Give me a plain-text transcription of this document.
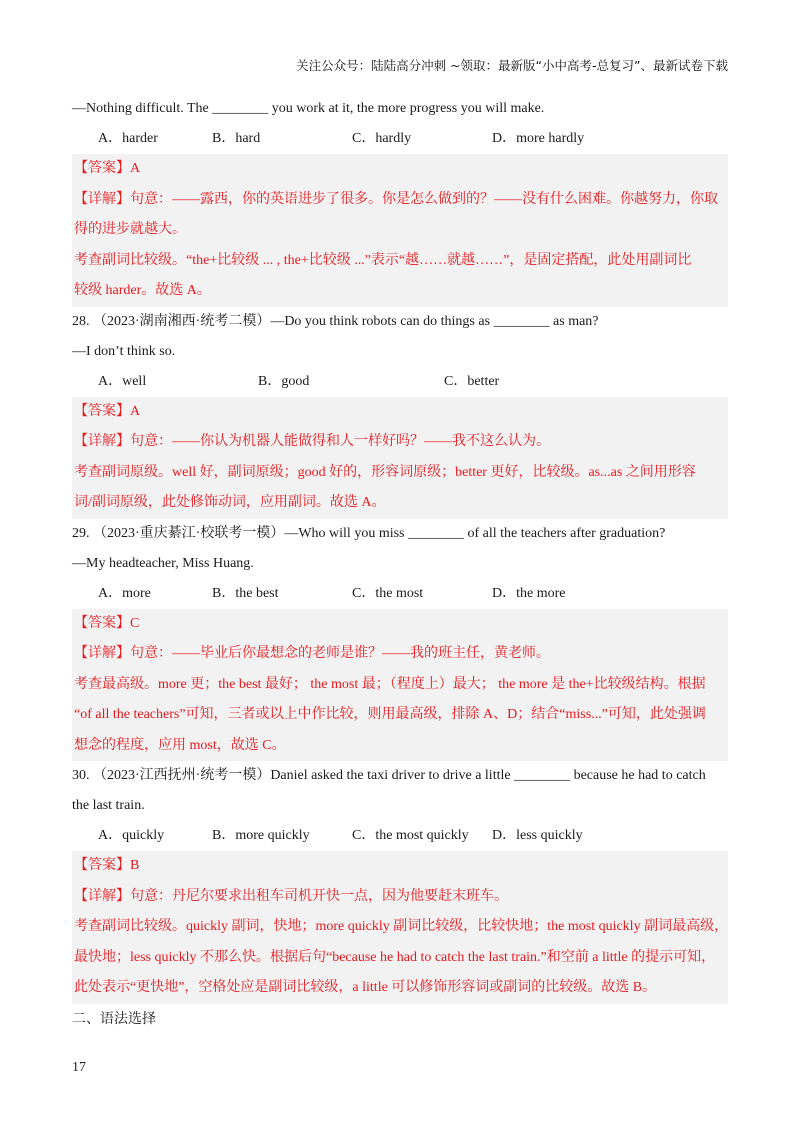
关注公众号：陆陆高分冲刺 ~领取：最新版“小中高考-总复习”、最新试卷下载
—Nothing difficult. The ________ you work at it, the more progress you will make.
A．harder	B．hard	C．hardly	D．more hardly
【答案】A
【详解】句意：——露西，你的英语进步了很多。你是怎么做到的？——没有什么困难。你越努力，你取
得的进步就越大。
考查副词比较级。“the+比较级 ... , the+比较级 ...”表示“越……就越……”，是固定搭配，此处用副词比
较级 harder。故选 A。
28. （2023·湖南湘西·统考二模）—Do you think robots can do things as ________ as man?
—I don’t think so.
A．well	B．good	C．better
【答案】A
【详解】句意：——你认为机器人能做得和人一样好吗？——我不这么认为。
考查副词原级。well 好，副词原级；good 好的，形容词原级；better 更好，比较级。as...as 之间用形容
词/副词原级，此处修饰动词，应用副词。故选 A。
29. （2023·重庆綦江·校联考一模）—Who will you miss ________ of all the teachers after graduation?
—My headteacher, Miss Huang.
A．more	B．the best	C．the most	D．the more
【答案】C
【详解】句意：——毕业后你最想念的老师是谁？——我的班主任，黄老师。
考查最高级。more 更；the best 最好； the most 最；（程度上）最大； the more 是 the+比较级结构。根据
“of all the teachers”可知，三者或以上中作比较，则用最高级，排除 A、D；结合“miss...”可知，此处强调
想念的程度，应用 most，故选 C。
30. （2023·江西抚州·统考一模）Daniel asked the taxi driver to drive a little ________ because he had to catch
the last train.
A．quickly	B．more quickly	C．the most quickly D．less quickly
【答案】B
【详解】句意：丹尼尔要求出租车司机开快一点，因为他要赶末班车。
考查副词比较级。quickly 副词，快地；more quickly 副词比较级，比较快地；the most quickly 副词最高级，
最快地；less quickly 不那么快。根据后句“because he had to catch the last train.”和空前 a little 的提示可知，
此处表示“更快地”，空格处应是副词比较级，a little 可以修饰形容词或副词的比较级。故选 B。
二、语法选择
17
